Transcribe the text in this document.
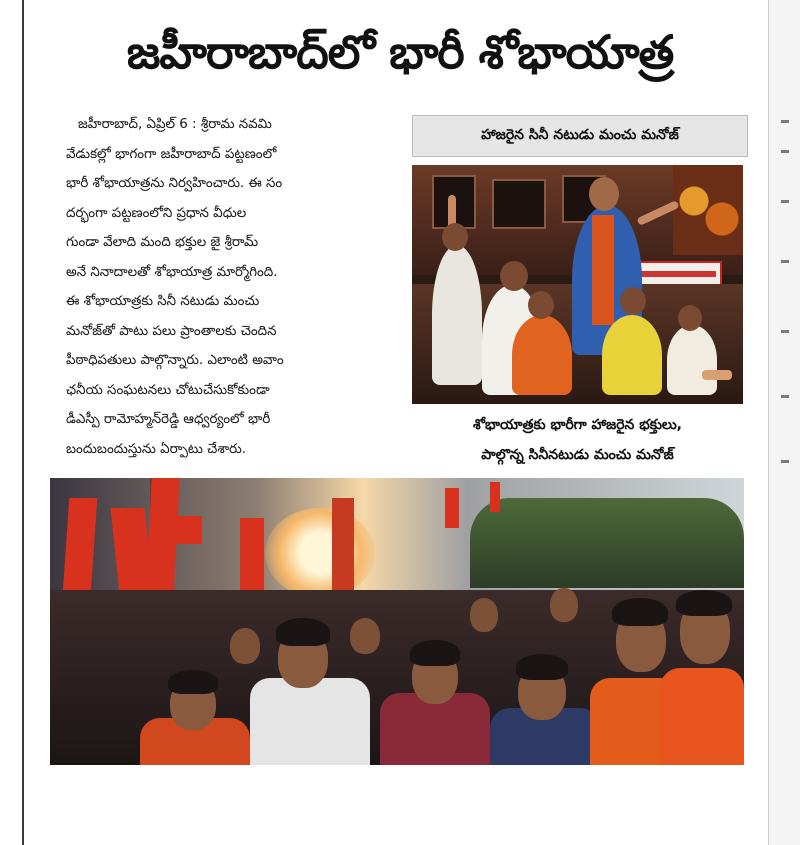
జహీరాబాద్‌లో భారీ శోభాయాత్ర
జహీరాబాద్, ఏప్రిల్ 6 : శ్రీరామ నవమి
వేడుకల్లో భాగంగా జహీరాబాద్ పట్టణంలో
భారీ శోభాయాత్రను నిర్వహించారు. ఈ సం
దర్భంగా పట్టణంలోని ప్రధాన వీధుల
గుండా వేలాది మంది భక్తుల జై శ్రీరామ్
అనే నినాదాలతో శోభాయాత్ర మార్మోగింది.
ఈ శోభాయాత్రకు సినీ నటుడు మంచు
మనోజ్‌తో పాటు పలు ప్రాంతాలకు చెందిన
పీఠాధిపతులు పాల్గొన్నారు. ఎలాంటి అవాం
ఛనీయ సంఘటనలు చోటుచేసుకోకుండా
డీఎస్పీ రామోహ్మన్‌రెడ్డి ఆధ్వర్యంలో భారీ
బందుబందుస్తును ఏర్పాటు చేశారు.
హాజరైన సినీ నటుడు మంచు మనోజ్
శోభాయాత్రకు భారీగా హాజరైన భక్తులు,
పాల్గొన్న సినీనటుడు మంచు మనోజ్
